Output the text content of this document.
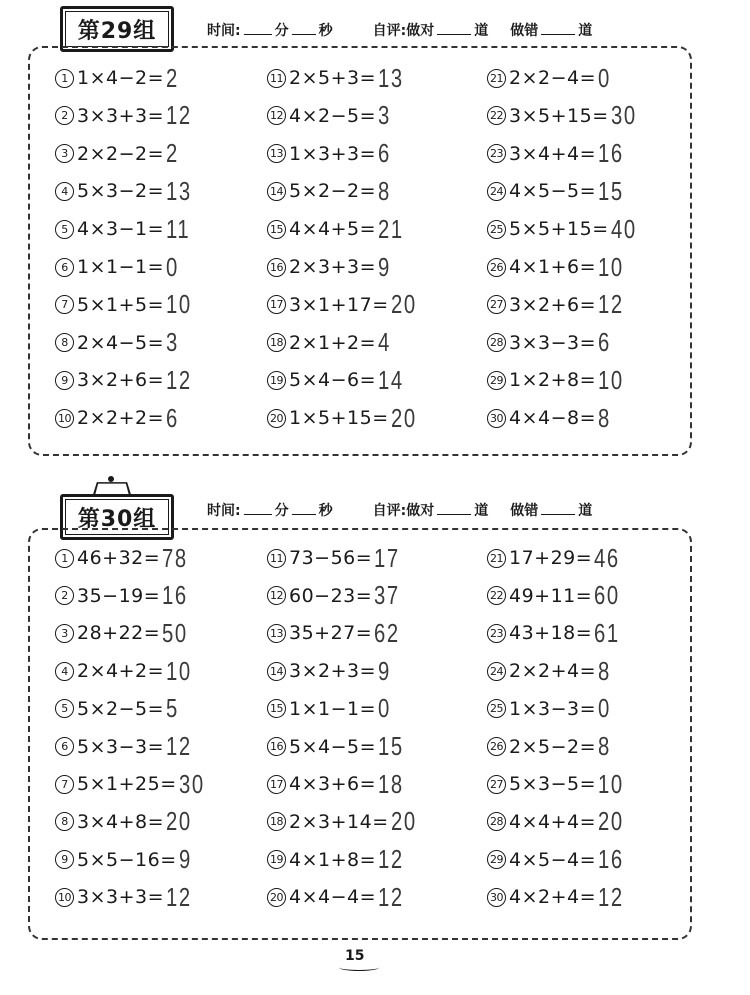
第29组	时间: 分 秒	自评:做对	道 做错	道
1 1×4−2= 2
2 3×3+3= 12
3 2×2−2= 2
4 5×3−2= 13
5 4×3−1= 11
6 1×1−1= 0
7 5×1+5= 10
8 2×4−5= 3
9 3×2+6= 12
10 2×2+2= 6
11 2×5+3= 13
12 4×2−5= 3
13 1×3+3= 6
14 5×2−2= 8
15 4×4+5= 21
16 2×3+3= 9
17 3×1+17= 20
18 2×1+2= 4
19 5×4−6= 14
20 1×5+15= 20
21 2×2−4= 0
22 3×5+15= 30
23 3×4+4= 16
24 4×5−5= 15
25 5×5+15= 40
26 4×1+6= 10
27 3×2+6= 12
28 3×3−3= 6
29 1×2+8= 10
30 4×4−8= 8
第30组	时间: 分 秒	自评:做对	道 做错	道
1 46+32= 78
2 35−19= 16
3 28+22= 50
4 2×4+2= 10
5 5×2−5= 5
6 5×3−3= 12
7 5×1+25= 30
8 3×4+8= 20
9 5×5−16= 9
10 3×3+3= 12
11 73−56= 17
12 60−23= 37
13 35+27= 62
14 3×2+3= 9
15 1×1−1= 0
16 5×4−5= 15
17 4×3+6= 18
18 2×3+14= 20
19 4×1+8= 12
20 4×4−4= 12
21 17+29= 46
22 49+11= 60
23 43+18= 61
24 2×2+4= 8
25 1×3−3= 0
26 2×5−2= 8
27 5×3−5= 10
28 4×4+4= 20
29 4×5−4= 16
30 4×2+4= 12
15
